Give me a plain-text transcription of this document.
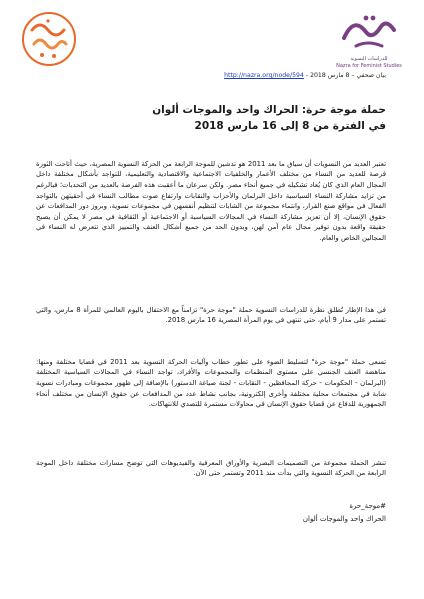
للدراسات النسوية
Nazra for Feminist Studies
بيان صحفي – 8 مارس 2018 - http://nazra.org/node/594
حملة موجة حرة: الحراك واحد والموجات ألوان
في الفترة من 8 إلى 16 مارس 2018

تعتبر العديد من النسويات أن سياق ما بعد 2011 هو تدشين للموجة الرابعة من الحركة النسوية المصرية، حيث أتاحت الثورة فرصة للعديد من النساء من مختلف الأعمار والخلفيات الاجتماعية والاقتصادية والتعليمية، للتواجد بأشكال مختلفة داخل المجال العام الذي كان يُعاد تشكيله في جميع أنحاء مصر. ولكن سرعان ما أعقبت هذه الفرصة بالعديد من التحديات؛ فبالرغم من تزايد مشاركة النساء السياسية داخل البرلمان والأحزاب والنقابات وارتفاع صوت مطالب النساء في أحقيتهن بالتواجد الفعال في مواقع صنع القرار، وانتماء مجموعة من الشابات لتنظيم أنفسهن في مجموعات نسوية، وبروز دور المدافعات عن حقوق الإنسان، إلا أن تعزيز مشاركة النساء في المجالات السياسية أو الاجتماعية أو الثقافية في مصر لا يمكن أن يصبح حقيقة واقعة بدون توفير مجال عام آمن لهن، وبدون الحد من جميع أشكال العنف والتمييز الذي تتعرض له النساء في المجالين الخاص والعام.

في هذا الإطار تُطلق نظرة للدراسات النسوية حملة "موجة حرة" تزامناً مع الاحتفال باليوم العالمي للمرأة 8 مارس، والتي تستمر على مدار 9 أيام، حتى تنتهي في يوم المرأة المصرية 16 مارس 2018.

تسعى حملة "موجة حرة" لتسليط الضوء على تطور خطاب وآليات الحركة النسوية بعد 2011 في قضايا مختلفة ومنها: مناهضة العنف الجنسي على مستوى المنظمات والمجموعات والأفراد، تواجد النساء في المجالات السياسية المختلفة (البرلمان - الحكومات - حركة المحافظين - النقابات - لجنة صياغة الدستور) بالإضافة إلى ظهور مجموعات ومبادرات نسوية شابة في مجتمعات محلية مختلفة وأخرى إلكترونية، بجانب نشاط عدد من المدافعات عن حقوق الإنسان من مختلف أنحاء الجمهورية للدفاع عن قضايا حقوق الإنسان في محاولات مستمرة للتصدي للانتهاكات.

تنشر الحملة مجموعة من التصميمات البصرية والأوراق المعرفية والفيديوهات التي توضح مسارات مختلفة داخل الموجة الرابعة من الحركة النسوية والتي بدأت منذ 2011 وتستمر حتى الآن.

#موجة_حرة
الحراك واحد والموجات ألوان
